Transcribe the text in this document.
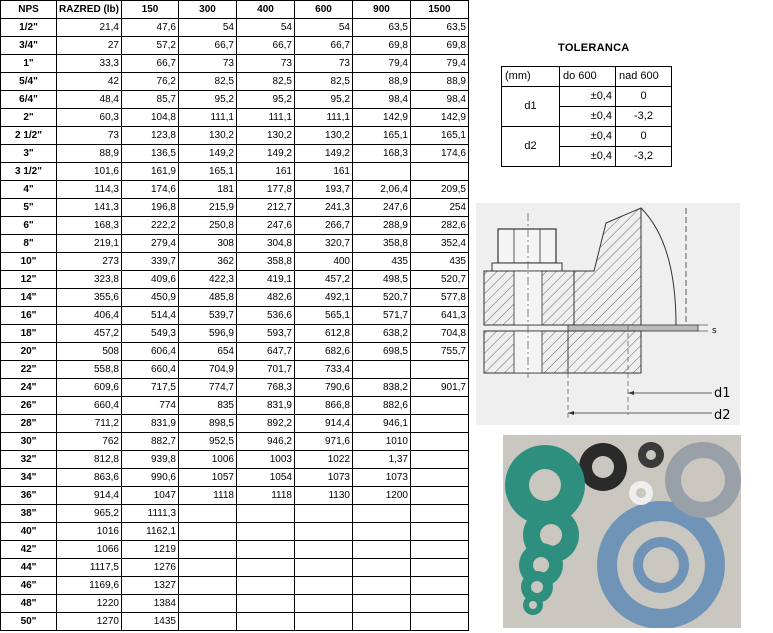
NPS	RAZRED (lb)	150	300	400	600	900	1500
1/2"	21,4	47,6	54	54	54	63,5	63,5
3/4"	27	57,2	66,7	66,7	66,7	69,8	69,8
1"	33,3	66,7	73	73	73	79,4	79,4
5/4"	42	76,2	82,5	82,5	82,5	88,9	88,9
6/4"	48,4	85,7	95,2	95,2	95,2	98,4	98,4
2"	60,3	104,8	111,1	111,1	111,1	142,9	142,9
2 1/2"	73	123,8	130,2	130,2	130,2	165,1	165,1
3"	88,9	136,5	149,2	149,2	149,2	168,3	174,6
3 1/2"	101,6	161,9	165,1	161	161		
4"	114,3	174,6	181	177,8	193,7	2,06,4	209,5
5"	141,3	196,8	215,9	212,7	241,3	247,6	254
6"	168,3	222,2	250,8	247,6	266,7	288,9	282,6
8"	219,1	279,4	308	304,8	320,7	358,8	352,4
10"	273	339,7	362	358,8	400	435	435
12"	323,8	409,6	422,3	419,1	457,2	498,5	520,7
14"	355,6	450,9	485,8	482,6	492,1	520,7	577,8
16"	406,4	514,4	539,7	536,6	565,1	571,7	641,3
18"	457,2	549,3	596,9	593,7	612,8	638,2	704,8
20"	508	606,4	654	647,7	682,6	698,5	755,7
22"	558,8	660,4	704,9	701,7	733,4		
24"	609,6	717,5	774,7	768,3	790,6	838,2	901,7
26"	660,4	774	835	831,9	866,8	882,6	
28"	711,2	831,9	898,5	892,2	914,4	946,1	
30"	762	882,7	952,5	946,2	971,6	1010	
32"	812,8	939,8	1006	1003	1022	1,37	
34"	863,6	990,6	1057	1054	1073	1073	
36"	914,4	1047	1118	1118	1130	1200	
38"	965,2	1111,3					
40"	1016	1162,1					
42"	1066	1219					
44"	1117,5	1276					
46"	1169,6	1327					
48"	1220	1384					
50"	1270	1435					
TOLERANCA
(mm)	do 600	nad 600
d1	±0,4	0
	±0,4	-3,2
d2	±0,4	0
	±0,4	-3,2
s
d1
d2
